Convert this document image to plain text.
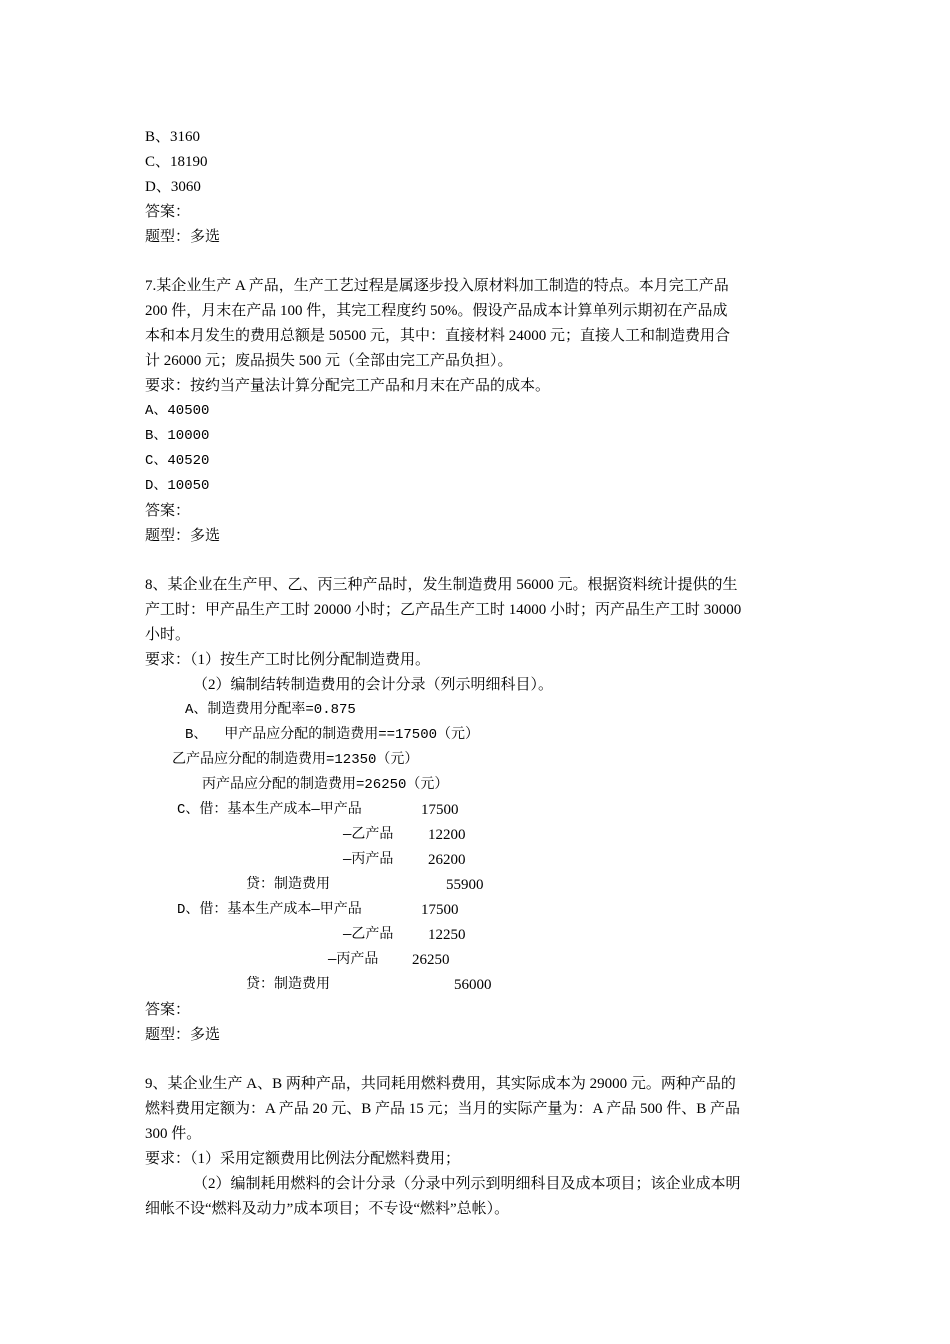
B、3160
C、18190
D、3060
答案：
题型：多选
7.某企业生产 A 产品，生产工艺过程是属逐步投入原材料加工制造的特点。本月完工产品
200 件，月末在产品 100 件，其完工程度约 50%。假设产品成本计算单列示期初在产品成
本和本月发生的费用总额是 50500 元，其中：直接材料 24000 元；直接人工和制造费用合
计 26000 元；废品损失 500 元（全部由完工产品负担）。
要求：按约当产量法计算分配完工产品和月末在产品的成本。
A、40500
B、10000
C、40520
D、10050
答案：
题型：多选
8、某企业在生产甲、乙、丙三种产品时，发生制造费用 56000 元。根据资料统计提供的生
产工时：甲产品生产工时 20000 小时；乙产品生产工时 14000 小时；丙产品生产工时 30000
小时。
要求：（1）按生产工时比例分配制造费用。
（2）编制结转制造费用的会计分录（列示明细科目）。
A、制造费用分配率=0.875
B、  甲产品应分配的制造费用==17500（元）
乙产品应分配的制造费用=12350（元）
丙产品应分配的制造费用=26250（元）
C、借：基本生产成本—甲产品	17500
—乙产品 12200
—丙产品 26200
贷：制造费用	55900
D、借：基本生产成本—甲产品	17500
—乙产品 12250
—丙产品 26250
贷：制造费用	56000
答案：
题型：多选
9、某企业生产 A、B 两种产品，共同耗用燃料费用，其实际成本为 29000 元。两种产品的
燃料费用定额为：A 产品 20 元、B 产品 15 元；当月的实际产量为：A 产品 500 件、B 产品
300 件。
要求：（1）采用定额费用比例法分配燃料费用；
（2）编制耗用燃料的会计分录（分录中列示到明细科目及成本项目；该企业成本明
细帐不设“燃料及动力”成本项目；不专设“燃料”总帐）。
